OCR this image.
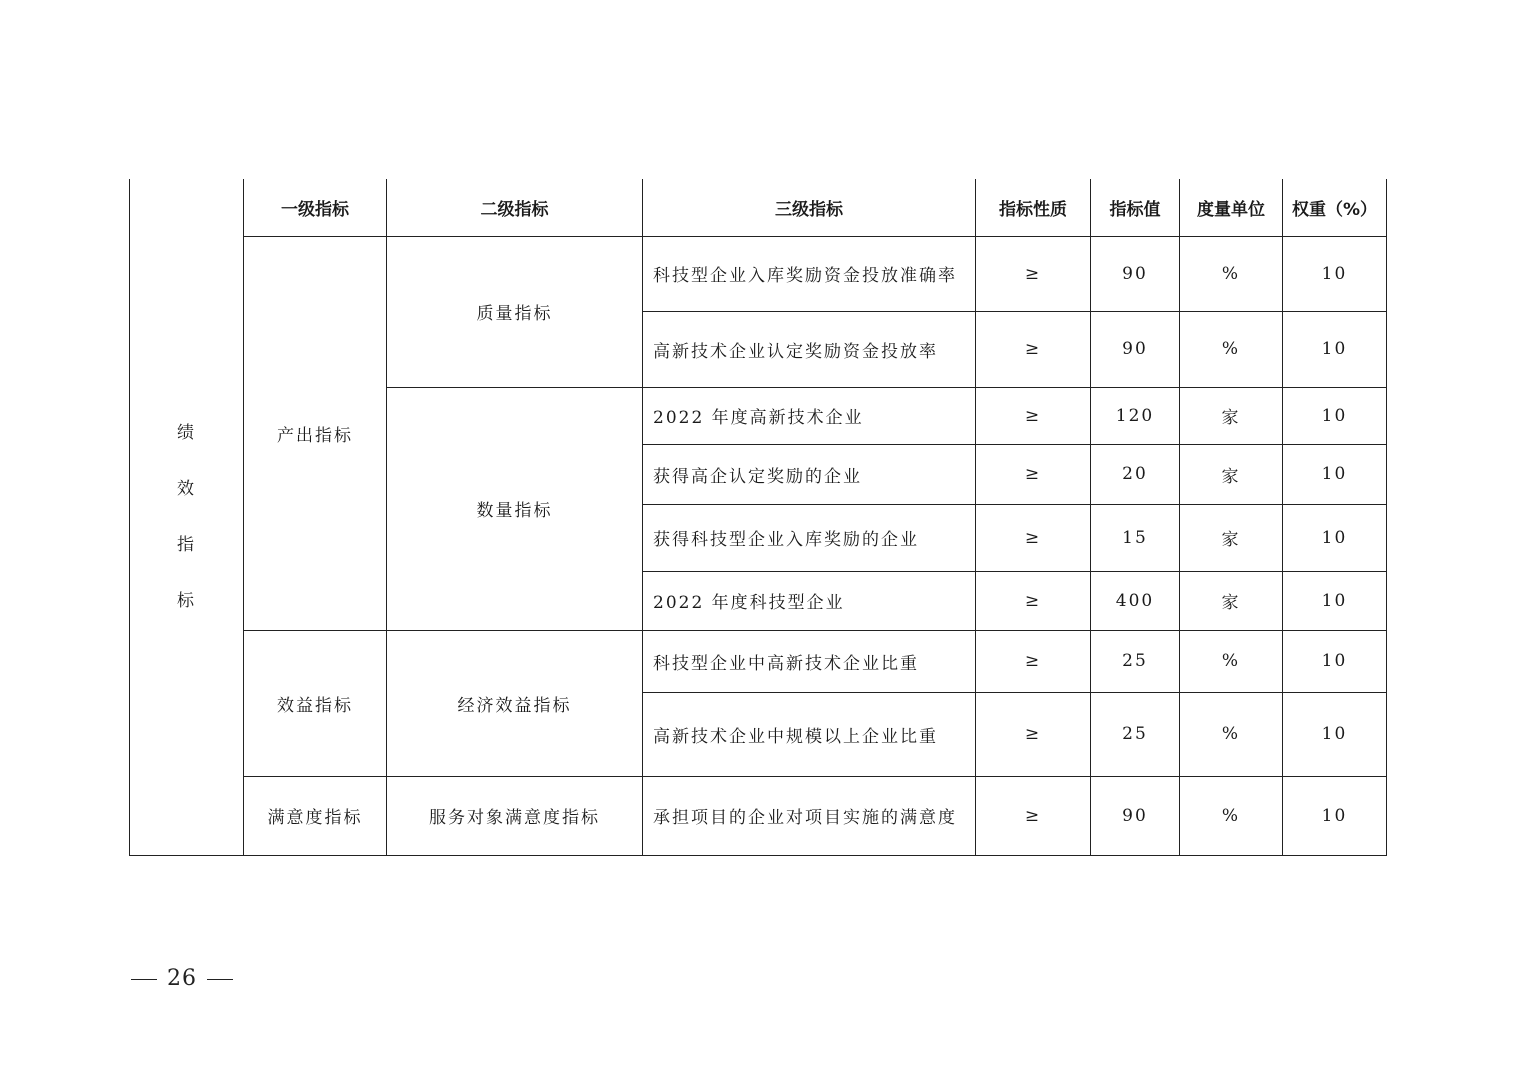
绩
效
指
标	一级指标	二级指标	三级指标	指标性质	指标值	度量单位	权重（%）
	产出指标	质量指标	科技型企业入库奖励资金投放准确率	≥	90	%	10
			高新技术企业认定奖励资金投放率	≥	90	%	10
		数量指标	2022 年度高新技术企业	≥	120	家	10
			获得高企认定奖励的企业	≥	20	家	10
			获得科技型企业入库奖励的企业	≥	15	家	10
			2022 年度科技型企业	≥	400	家	10
	效益指标	经济效益指标	科技型企业中高新技术企业比重	≥	25	%	10
			高新技术企业中规模以上企业比重	≥	25	%	10
	满意度指标	服务对象满意度指标	承担项目的企业对项目实施的满意度	≥	90	%	10
26
